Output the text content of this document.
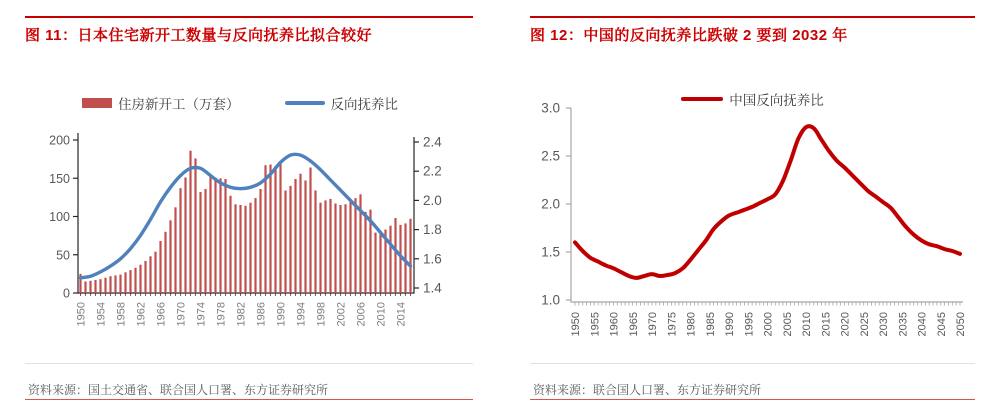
图 11：日本住宅新开工数量与反向抚养比拟合较好
住房新开工（万套）	反向抚养比
0
50
100
150
200
1.4
1.6
1.8
2.0
2.2
2.4
1950 1954 1958 1962 1966 1970 1974 1978 1982 1986 1990 1994 1998 2002 2006 2010 2014
资料来源：国土交通省、联合国人口署、东方证券研究所
图 12：中国的反向抚养比跌破 2 要到 2032 年
中国反向抚养比
1.0
1.5
2.0
2.5
3.0
1950 1955 1960 1965 1970 1975 1980 1985 1990 1995 2000 2005 2010 2015 2020 2025 2030 2035 2040 2045 2050
资料来源：联合国人口署、东方证券研究所
